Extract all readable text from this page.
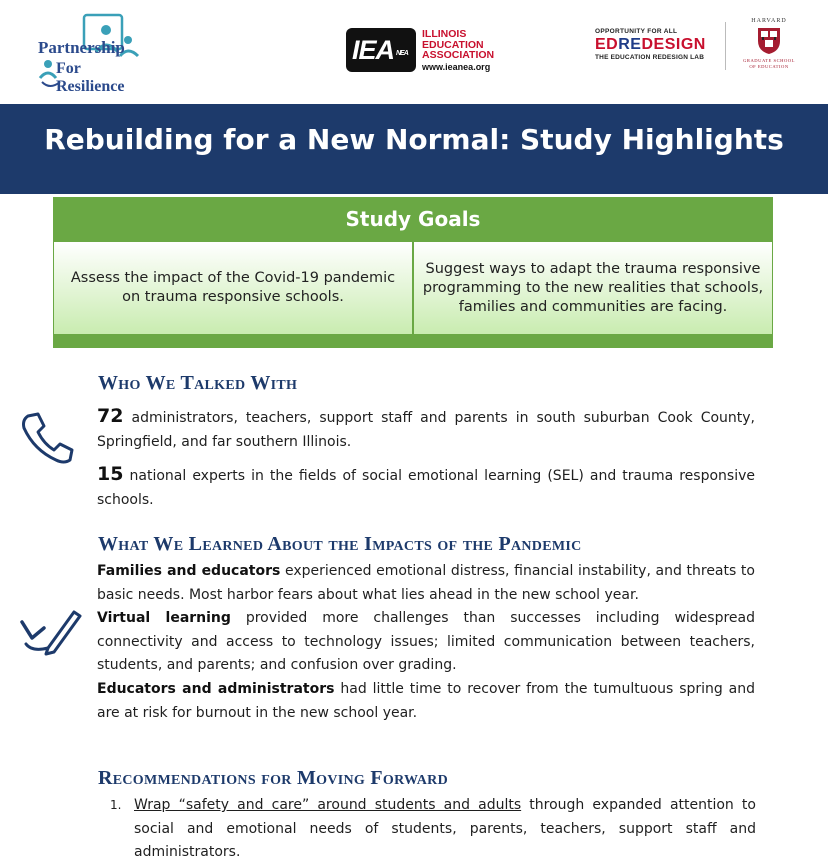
Partnership
For Resilience
IEA NEA
ILLINOIS
EDUCATION
ASSOCIATION
www.ieanea.org
OPPORTUNITY FOR ALL
EDREDESIGN
THE EDUCATION REDESIGN LAB
HARVARD
GRADUATE SCHOOL
OF EDUCATION
Rebuilding for a New Normal: Study Highlights
Study Goals
Assess the impact of the Covid-19 pandemic on trauma responsive schools.
Suggest ways to adapt the trauma responsive programming to the new realities that schools, families and communities are facing.
Who We Talked With
72 administrators, teachers, support staff and parents in south suburban Cook County, Springfield, and far southern Illinois.
15 national experts in the fields of social emotional learning (SEL) and trauma responsive schools.
What We Learned About the Impacts of the Pandemic
Families and educators experienced emotional distress, financial instability, and threats to basic needs. Most harbor fears about what lies ahead in the new school year.
Virtual learning provided more challenges than successes including widespread connectivity and access to technology issues; limited communication between teachers, students, and parents; and confusion over grading.
Educators and administrators had little time to recover from the tumultuous spring and are at risk for burnout in the new school year.
Recommendations for Moving Forward
1. Wrap “safety and care” around students and adults through expanded attention to social and emotional needs of students, parents, teachers, support staff and administrators.
